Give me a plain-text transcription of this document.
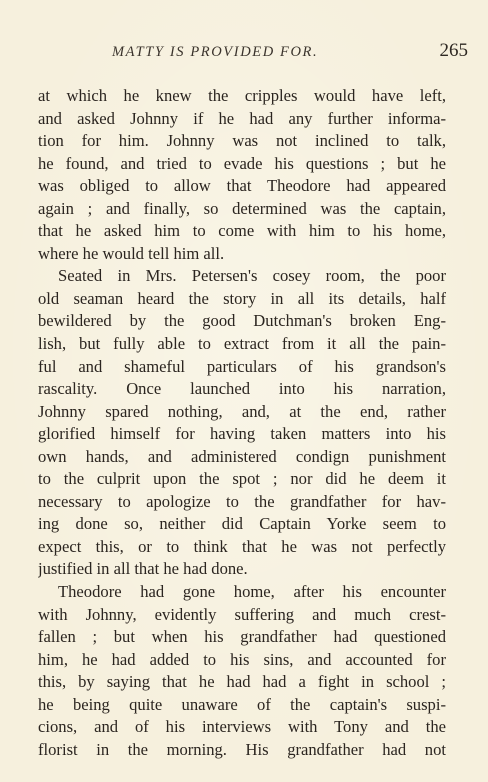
MATTY IS PROVIDED FOR.	265
at which he knew the cripples would have left,
and asked Johnny if he had any further informa-
tion for him. Johnny was not inclined to talk,
he found, and tried to evade his questions ; but he
was obliged to allow that Theodore had appeared
again ; and finally, so determined was the captain,
that he asked him to come with him to his home,
where he would tell him all.
Seated in Mrs. Petersen's cosey room, the poor
old seaman heard the story in all its details, half
bewildered by the good Dutchman's broken Eng-
lish, but fully able to extract from it all the pain-
ful and shameful particulars of his grandson's
rascality. Once launched into his narration,
Johnny spared nothing, and, at the end, rather
glorified himself for having taken matters into his
own hands, and administered condign punishment
to the culprit upon the spot ; nor did he deem it
necessary to apologize to the grandfather for hav-
ing done so, neither did Captain Yorke seem to
expect this, or to think that he was not perfectly
justified in all that he had done.
Theodore had gone home, after his encounter
with Johnny, evidently suffering and much crest-
fallen ; but when his grandfather had questioned
him, he had added to his sins, and accounted for
this, by saying that he had had a fight in school ;
he being quite unaware of the captain's suspi-
cions, and of his interviews with Tony and the
florist in the morning. His grandfather had not
